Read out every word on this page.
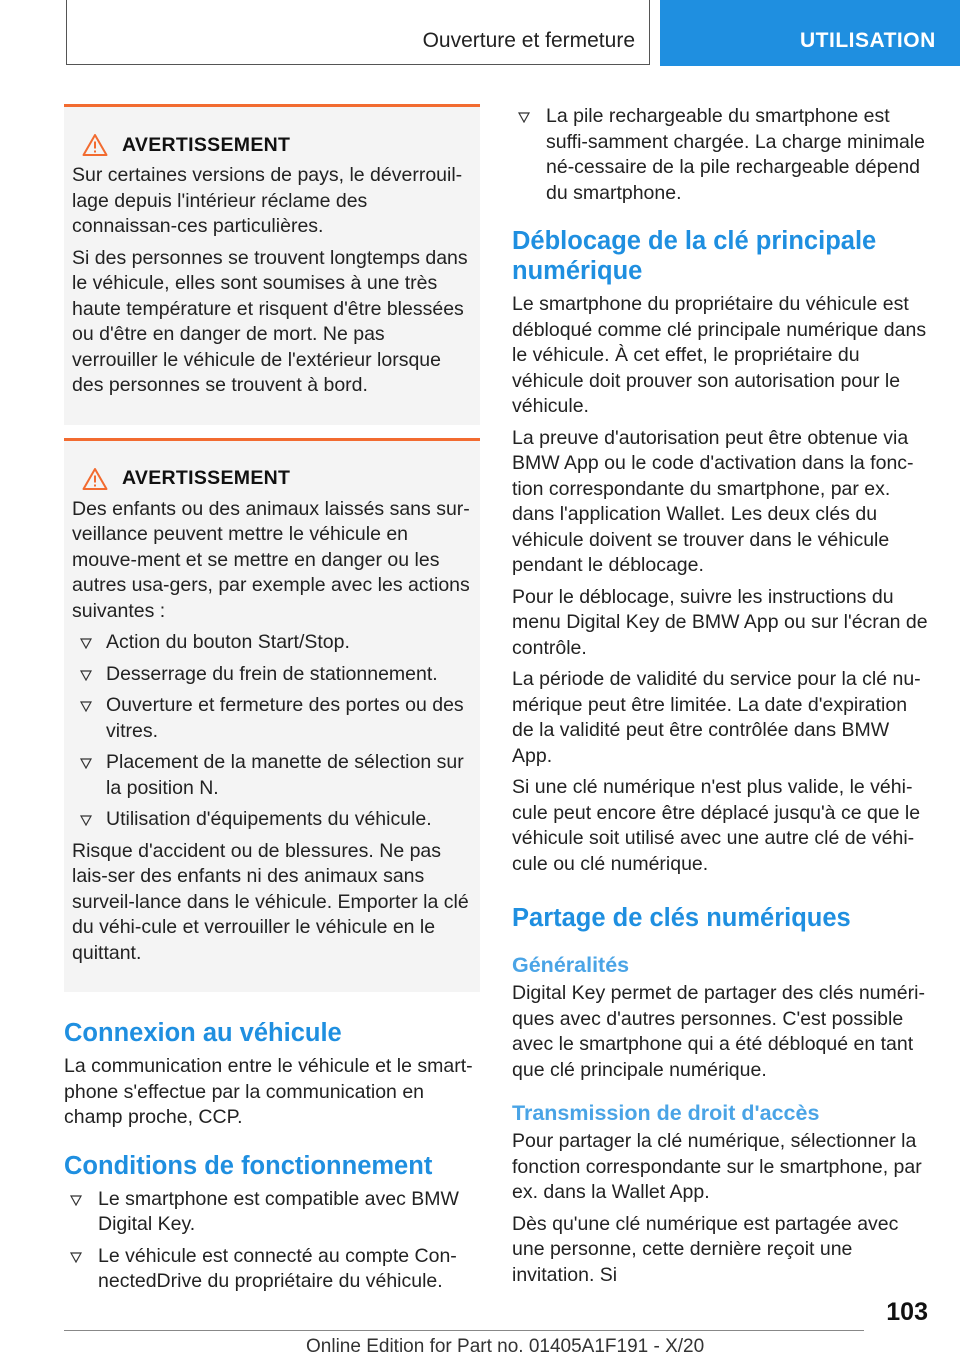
Ouverture et fermeture	UTILISATION
AVERTISSEMENT

Sur certaines versions de pays, le déverrouil-lage depuis l'intérieur réclame des connaissan-ces particulières.

Si des personnes se trouvent longtemps dans le véhicule, elles sont soumises à une très haute température et risquent d'être blessées ou d'être en danger de mort. Ne pas verrouiller le véhicule de l'extérieur lorsque des personnes se trouvent à bord.

AVERTISSEMENT

Des enfants ou des animaux laissés sans sur-veillance peuvent mettre le véhicule en mouve-ment et se mettre en danger ou les autres usa-gers, par exemple avec les actions suivantes :

Action du bouton Start/Stop.
Desserrage du frein de stationnement.
Ouverture et fermeture des portes ou des vitres.
Placement de la manette de sélection sur la position N.
Utilisation d'équipements du véhicule.

Risque d'accident ou de blessures. Ne pas lais-ser des enfants ni des animaux sans surveil-lance dans le véhicule. Emporter la clé du véhi-cule et verrouiller le véhicule en le quittant.

Connexion au véhicule

La communication entre le véhicule et le smart-phone s'effectue par la communication en champ proche, CCP.

Conditions de fonctionnement
Le smartphone est compatible avec BMW Digital Key.
Le véhicule est connecté au compte Con-nectedDrive du propriétaire du véhicule.
La pile rechargeable du smartphone est suffi-samment chargée. La charge minimale né-cessaire de la pile rechargeable dépend du smartphone.
Déblocage de la clé principale numérique

Le smartphone du propriétaire du véhicule est débloqué comme clé principale numérique dans le véhicule. À cet effet, le propriétaire du véhicule doit prouver son autorisation pour le véhicule.

La preuve d'autorisation peut être obtenue via BMW App ou le code d'activation dans la fonc-tion correspondante du smartphone, par ex. dans l'application Wallet. Les deux clés du véhicule doivent se trouver dans le véhicule pendant le déblocage.

Pour le déblocage, suivre les instructions du menu Digital Key de BMW App ou sur l'écran de contrôle.

La période de validité du service pour la clé nu-mérique peut être limitée. La date d'expiration de la validité peut être contrôlée dans BMW App.

Si une clé numérique n'est plus valide, le véhi-cule peut encore être déplacé jusqu'à ce que le véhicule soit utilisé avec une autre clé de véhi-cule ou clé numérique.

Partage de clés numériques
Généralités

Digital Key permet de partager des clés numéri-ques avec d'autres personnes. C'est possible avec le smartphone qui a été débloqué en tant que clé principale numérique.

Transmission de droit d'accès

Pour partager la clé numérique, sélectionner la fonction correspondante sur le smartphone, par ex. dans la Wallet App.

Dès qu'une clé numérique est partagée avec une personne, cette dernière reçoit une invitation. Si

103
Online Edition for Part no. 01405A1F191 - X/20
